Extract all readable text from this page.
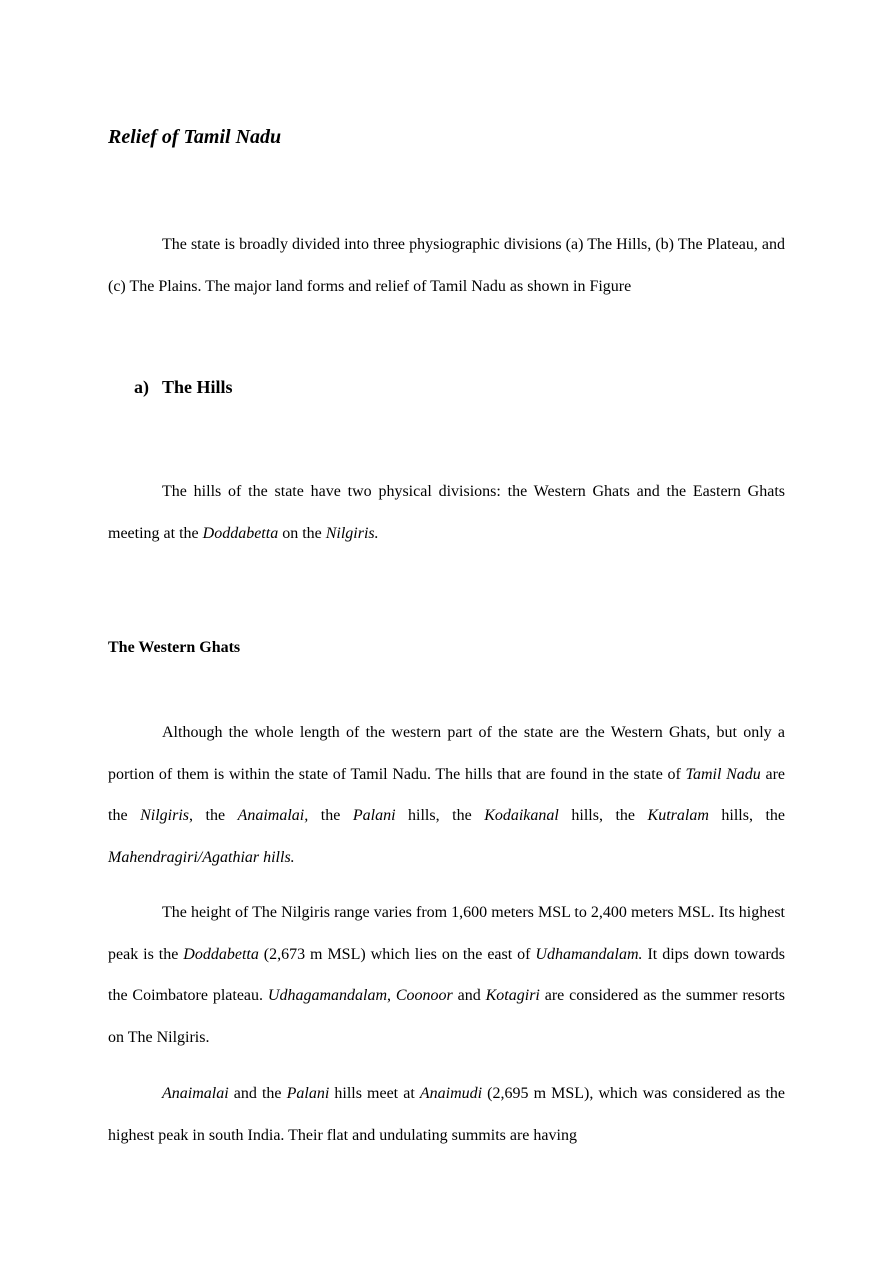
Relief of Tamil Nadu

The state is broadly divided into three physiographic divisions (a) The Hills, (b) The Plateau, and (c) The Plains. The major land forms and relief of Tamil Nadu as shown in Figure

a) The Hills

The hills of the state have two physical divisions: the Western Ghats and the Eastern Ghats meeting at the Doddabetta on the Nilgiris.

The Western Ghats

Although the whole length of the western part of the state are the Western Ghats, but only a portion of them is within the state of Tamil Nadu. The hills that are found in the state of Tamil Nadu are the Nilgiris, the Anaimalai, the Palani hills, the Kodaikanal hills, the Kutralam hills, the Mahendragiri/Agathiar hills.

The height of The Nilgiris range varies from 1,600 meters MSL to 2,400 meters MSL. Its highest peak is the Doddabetta (2,673 m MSL) which lies on the east of Udhamandalam. It dips down towards the Coimbatore plateau. Udhagamandalam, Coonoor and Kotagiri are considered as the summer resorts on The Nilgiris.

Anaimalai and the Palani hills meet at Anaimudi (2,695 m MSL), which was considered as the highest peak in south India. Their flat and undulating summits are having
